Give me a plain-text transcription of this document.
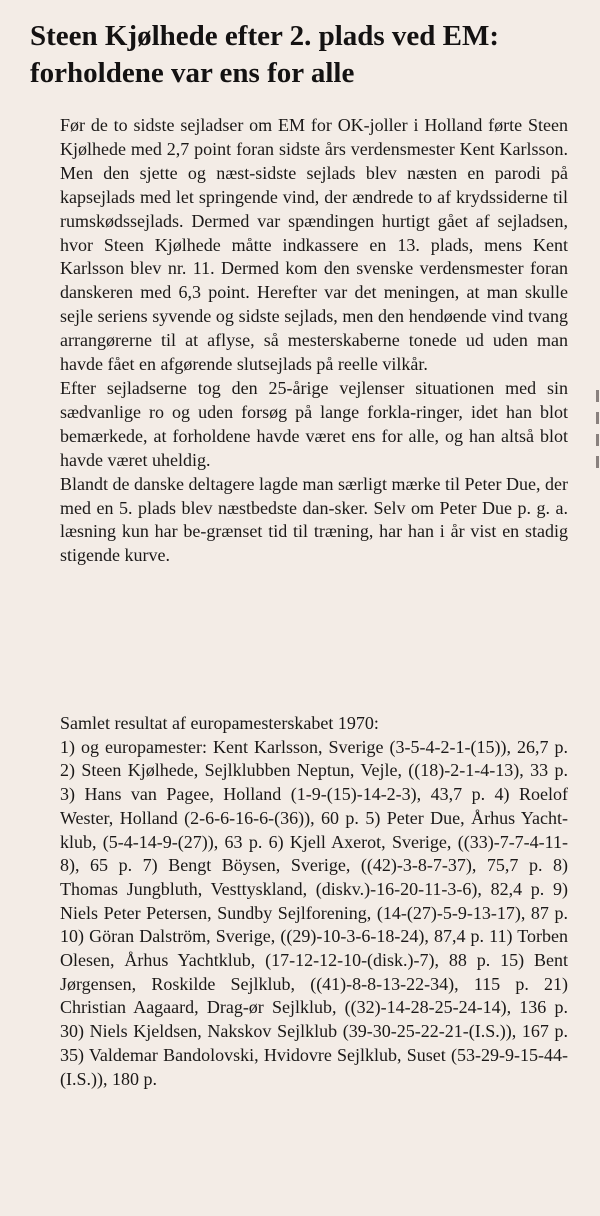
Steen Kjølhede efter 2. plads ved EM:
forholdene var ens for alle

Før de to sidste sejladser om EM for OK-joller i Holland førte Steen Kjølhede med 2,7 point foran sidste års verdensmester Kent Karlsson. Men den sjette og næst-sidste sejlads blev næsten en parodi på kapsejlads med let springende vind, der ændrede to af krydssiderne til rumskødssejlads. Dermed var spændingen hurtigt gået af sejladsen, hvor Steen Kjølhede måtte indkassere en 13. plads, mens Kent Karlsson blev nr. 11. Dermed kom den svenske verdensmester foran danskeren med 6,3 point. Herefter var det meningen, at man skulle sejle seriens syvende og sidste sejlads, men den hendøende vind tvang arrangørerne til at aflyse, så mesterskaberne tonede ud uden man havde fået en afgørende slutsejlads på reelle vilkår.

Efter sejladserne tog den 25-årige vejlenser situationen med sin sædvanlige ro og uden forsøg på lange forkla-ringer, idet han blot bemærkede, at forholdene havde været ens for alle, og han altså blot havde været uheldig.

Blandt de danske deltagere lagde man særligt mærke til Peter Due, der med en 5. plads blev næstbedste dan-sker. Selv om Peter Due p. g. a. læsning kun har be-grænset tid til træning, har han i år vist en stadig stigende kurve.

Samlet resultat af europamesterskabet 1970:

1) og europamester: Kent Karlsson, Sverige (3-5-4-2-1-(15)), 26,7 p. 2) Steen Kjølhede, Sejlklubben Neptun, Vejle, ((18)-2-1-4-13), 33 p. 3) Hans van Pagee, Holland (1-9-(15)-14-2-3), 43,7 p. 4) Roelof Wester, Holland (2-6-6-16-6-(36)), 60 p. 5) Peter Due, Århus Yacht-klub, (5-4-14-9-(27)), 63 p. 6) Kjell Axerot, Sverige, ((33)-7-7-4-11-8), 65 p. 7) Bengt Böysen, Sverige, ((42)-3-8-7-37), 75,7 p. 8) Thomas Jungbluth, Vesttyskland, (diskv.)-16-20-11-3-6), 82,4 p. 9) Niels Peter Petersen, Sundby Sejlforening, (14-(27)-5-9-13-17), 87 p. 10) Göran Dalström, Sverige, ((29)-10-3-6-18-24), 87,4 p. 11) Torben Olesen, Århus Yachtklub, (17-12-12-10-(disk.)-7), 88 p. 15) Bent Jørgensen, Roskilde Sejlklub, ((41)-8-8-13-22-34), 115 p. 21) Christian Aagaard, Drag-ør Sejlklub, ((32)-14-28-25-24-14), 136 p. 30) Niels Kjeldsen, Nakskov Sejlklub (39-30-25-22-21-(I.S.)), 167 p. 35) Valdemar Bandolovski, Hvidovre Sejlklub, Suset (53-29-9-15-44-(I.S.)), 180 p.
